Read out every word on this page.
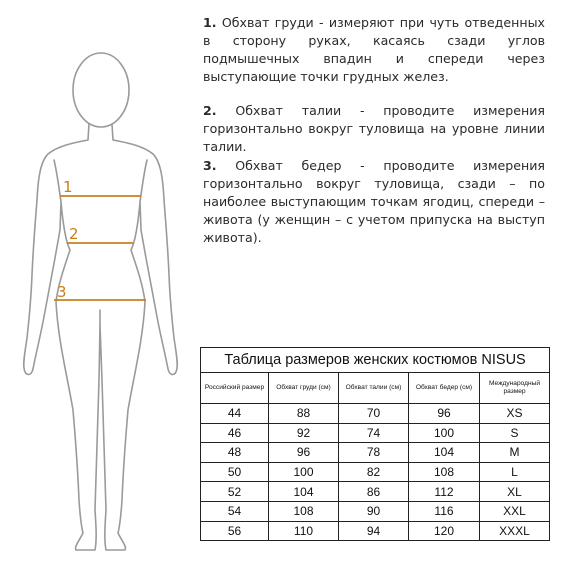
1
2
3

1. Обхват груди - измеряют при чуть отведенных в сторону руках, касаясь сзади углов подмышечных впадин и спереди через выступающие точки грудных желез.

2. Обхват талии - проводите измерения горизонтально вокруг туловища на уровне линии талии.

3. Обхват бедер - проводите измерения горизонтально вокруг туловища, сзади – по наиболее выступающим точкам ягодиц, спереди – живота (у женщин – с учетом припуска на выступ живота).

Таблица размеров женских костюмов NISUS				
Российский размер	Обхват груди (см)	Обхват талии (см)	Обхват бедер (см)	Международный размер
44	88	70	96	XS
46	92	74	100	S
48	96	78	104	M
50	100	82	108	L
52	104	86	112	XL
54	108	90	116	XXL
56	110	94	120	XXXL
